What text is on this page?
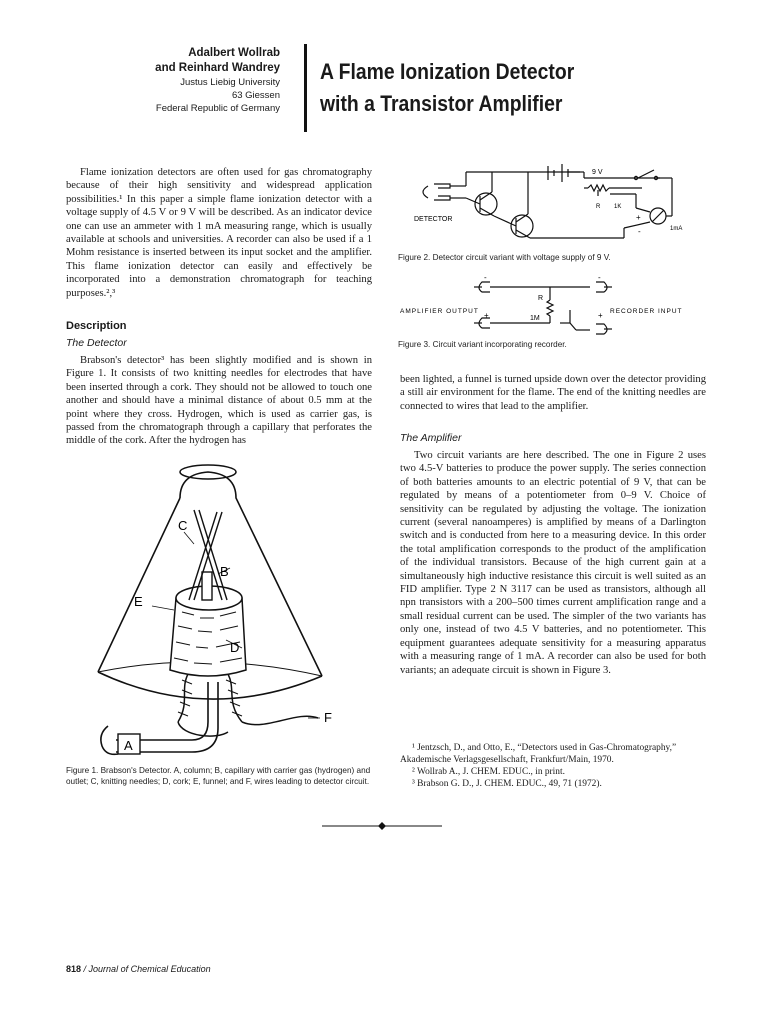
Adalbert Wollrab
and Reinhard Wandrey
Justus Liebig University
63 Giessen
Federal Republic of Germany
A Flame Ionization Detector
with a Transistor Amplifier

Flame ionization detectors are often used for gas chromatography because of their high sensitivity and widespread application possibilities.¹ In this paper a simple flame ionization detector with a voltage supply of 4.5 V or 9 V will be described. As an indicator device one can use an ammeter with 1 mA measuring range, which is usually available at schools and universities. A recorder can also be used if a 1 Mohm resistance is inserted between its input socket and the amplifier. This flame ionization detector can easily and effectively be incorporated into a demonstration chromatograph for teaching purposes.²,³

Description
The Detector

Brabson's detector³ has been slightly modified and is shown in Figure 1. It consists of two knitting needles for electrodes that have been inserted through a cork. They should not be allowed to touch one another and should have a minimal distance of about 0.5 mm at the point where they cross. Hydrogen, which is used as carrier gas, is passed from the chromatograph through a capillary that perforates the middle of the cork. After the hydrogen has

C
B
E
D
F
A
Figure 1. Brabson's Detector. A, column; B, capillary with carrier gas (hydrogen) and outlet; C, knitting needles; D, cork; E, funnel; and F, wires leading to detector circuit.
9 V
R 1K
DETECTOR
1mA
+
-
Figure 2. Detector circuit variant with voltage supply of 9 V.
-
+
-
+
R
1M
AMPLIFIER OUTPUT	RECORDER INPUT
Figure 3. Circuit variant incorporating recorder.

been lighted, a funnel is turned upside down over the detector providing a still air environment for the flame. The end of the knitting needles are connected to wires that lead to the amplifier.

The Amplifier

Two circuit variants are here described. The one in Figure 2 uses two 4.5-V batteries to produce the power supply. The series connection of both batteries amounts to an electric potential of 9 V, that can be regulated by means of a potentiometer from 0–9 V. Choice of sensitivity can be regulated by adjusting the voltage. The ionization current (several nanoamperes) is amplified by means of a Darlington switch and is conducted from here to a measuring device. In this order the total amplification corresponds to the product of the amplification of the individual transistors. Because of the high current gain at a simultaneously high inductive resistance this circuit is well suited as an FID amplifier. Type 2 N 3117 can be used as transistors, although all npn transistors with a 200–500 times current amplification range and a small residual current can be used. The simpler of the two variants has only one, instead of two 4.5 V batteries, and no potentiometer. This equipment guarantees adequate sensitivity for a measuring apparatus with a measuring range of 1 mA. A recorder can also be used for both variants; an adequate circuit is shown in Figure 3.

¹ Jentzsch, D., and Otto, E., “Detectors used in Gas-Chromatography,” Akademische Verlagsgesellschaft, Frankfurt/Main, 1970.

² Wollrab A., J. CHEM. EDUC., in print.

³ Brabson G. D., J. CHEM. EDUC., 49, 71 (1972).

818 / Journal of Chemical Education
